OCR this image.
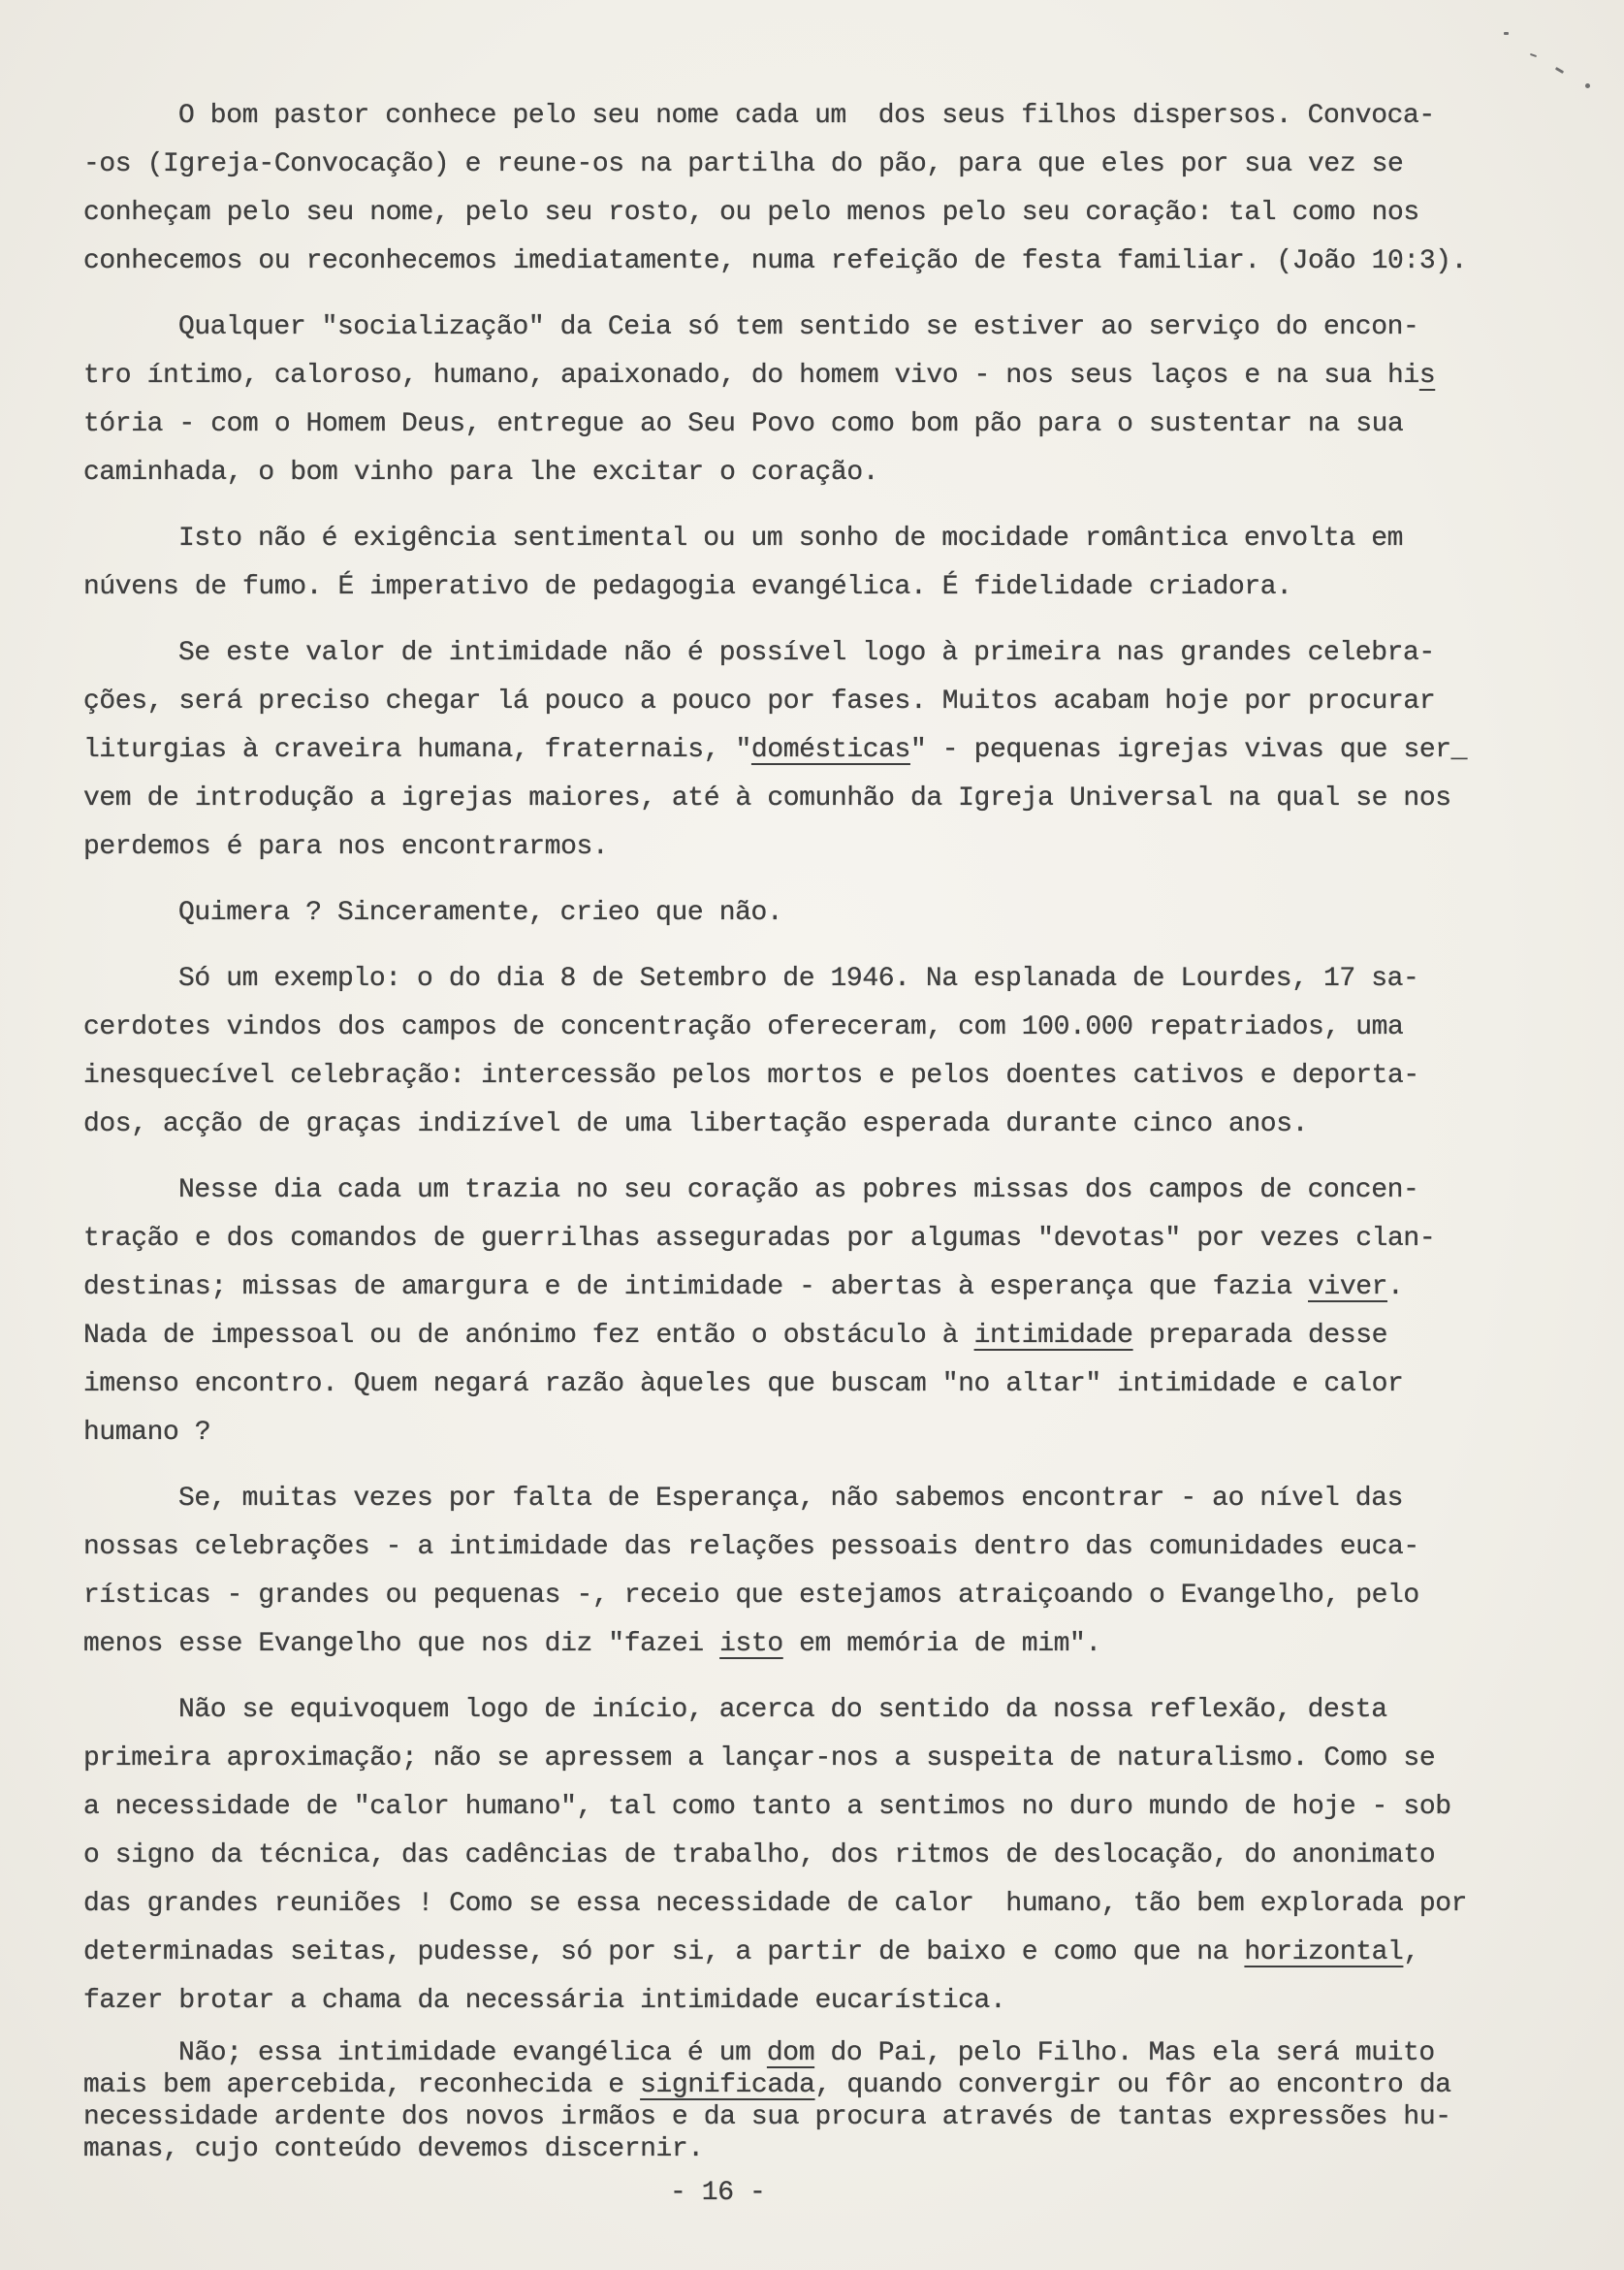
O bom pastor conhece pelo seu nome cada um  dos seus filhos dispersos. Convoca-
-os (Igreja-Convocação) e reune-os na partilha do pão, para que eles por sua vez se
conheçam pelo seu nome, pelo seu rosto, ou pelo menos pelo seu coração: tal como nos
conhecemos ou reconhecemos imediatamente, numa refeição de festa familiar. (João 10:3).
Qualquer "socialização" da Ceia só tem sentido se estiver ao serviço do encon-
tro íntimo, caloroso, humano, apaixonado, do homem vivo - nos seus laços e na sua his
tória - com o Homem Deus, entregue ao Seu Povo como bom pão para o sustentar na sua
caminhada, o bom vinho para lhe excitar o coração.
Isto não é exigência sentimental ou um sonho de mocidade romântica envolta em
núvens de fumo. É imperativo de pedagogia evangélica. É fidelidade criadora.
Se este valor de intimidade não é possível logo à primeira nas grandes celebra-
ções, será preciso chegar lá pouco a pouco por fases. Muitos acabam hoje por procurar
liturgias à craveira humana, fraternais, "domésticas" - pequenas igrejas vivas que ser_
vem de introdução a igrejas maiores, até à comunhão da Igreja Universal na qual se nos
perdemos é para nos encontrarmos.
Quimera ? Sinceramente, crieo que não.
Só um exemplo: o do dia 8 de Setembro de 1946. Na esplanada de Lourdes, 17 sa-
cerdotes vindos dos campos de concentração ofereceram, com 100.000 repatriados, uma
inesquecível celebração: intercessão pelos mortos e pelos doentes cativos e deporta-
dos, acção de graças indizível de uma libertação esperada durante cinco anos.
Nesse dia cada um trazia no seu coração as pobres missas dos campos de concen-
tração e dos comandos de guerrilhas asseguradas por algumas "devotas" por vezes clan-
destinas; missas de amargura e de intimidade - abertas à esperança que fazia viver.
Nada de impessoal ou de anónimo fez então o obstáculo à intimidade preparada desse
imenso encontro. Quem negará razão àqueles que buscam "no altar" intimidade e calor
humano ?
Se, muitas vezes por falta de Esperança, não sabemos encontrar - ao nível das
nossas celebrações - a intimidade das relações pessoais dentro das comunidades euca-
rísticas - grandes ou pequenas -, receio que estejamos atraiçoando o Evangelho, pelo
menos esse Evangelho que nos diz "fazei isto em memória de mim".
Não se equivoquem logo de início, acerca do sentido da nossa reflexão, desta
primeira aproximação; não se apressem a lançar-nos a suspeita de naturalismo. Como se
a necessidade de "calor humano", tal como tanto a sentimos no duro mundo de hoje - sob
o signo da técnica, das cadências de trabalho, dos ritmos de deslocação, do anonimato
das grandes reuniões ! Como se essa necessidade de calor  humano, tão bem explorada por
determinadas seitas, pudesse, só por si, a partir de baixo e como que na horizontal,
fazer brotar a chama da necessária intimidade eucarística.
Não; essa intimidade evangélica é um dom do Pai, pelo Filho. Mas ela será muito
mais bem apercebida, reconhecida e significada, quando convergir ou fôr ao encontro da
necessidade ardente dos novos irmãos e da sua procura através de tantas expressões hu-
manas, cujo conteúdo devemos discernir.
- 16 -
